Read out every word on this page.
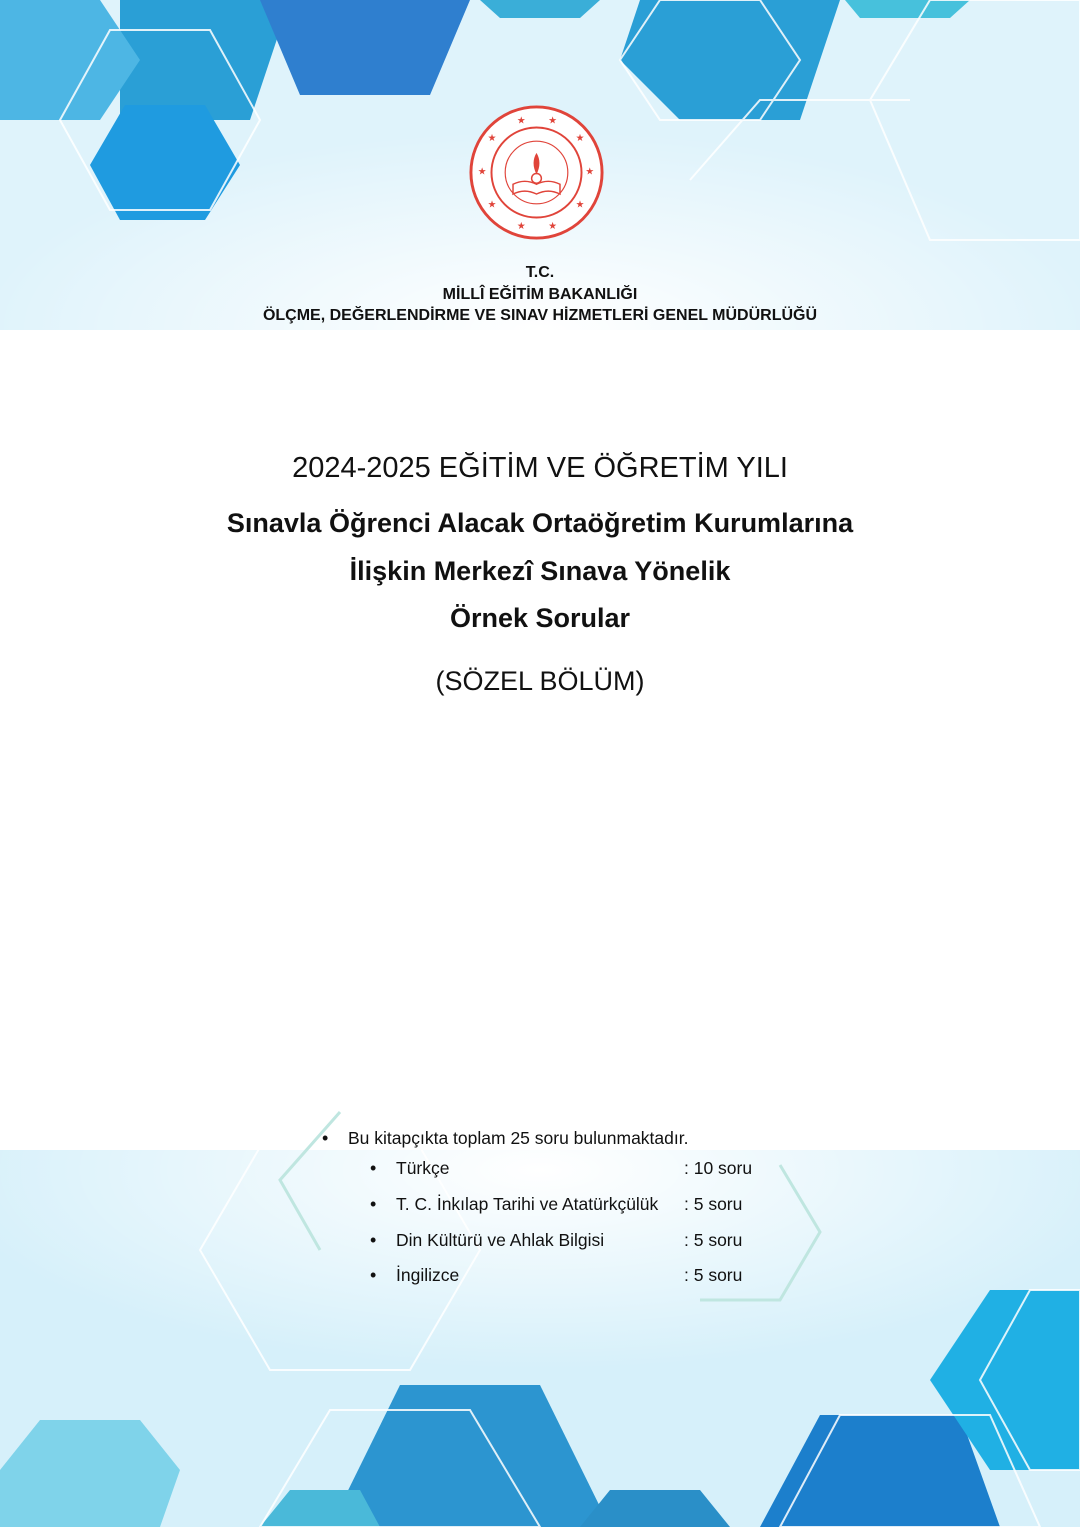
★ ★
★
★
★
★
★
★
★
★
T.C.
MİLLÎ EĞİTİM BAKANLIĞI
ÖLÇME, DEĞERLENDİRME VE SINAV HİZMETLERİ GENEL MÜDÜRLÜĞÜ
2024-2025 EĞİTİM VE ÖĞRETİM YILI
Sınavla Öğrenci Alacak Ortaöğretim Kurumlarına
İlişkin Merkezî Sınava Yönelik
Örnek Sorular
(SÖZEL BÖLÜM)
•	Bu kitapçıkta toplam 25 soru bulunmaktadır.
•	Türkçe	: 10 soru
•	T. C. İnkılap Tarihi ve Atatürkçülük	: 5 soru
•	Din Kültürü ve Ahlak Bilgisi	: 5 soru
•	İngilizce	: 5 soru
